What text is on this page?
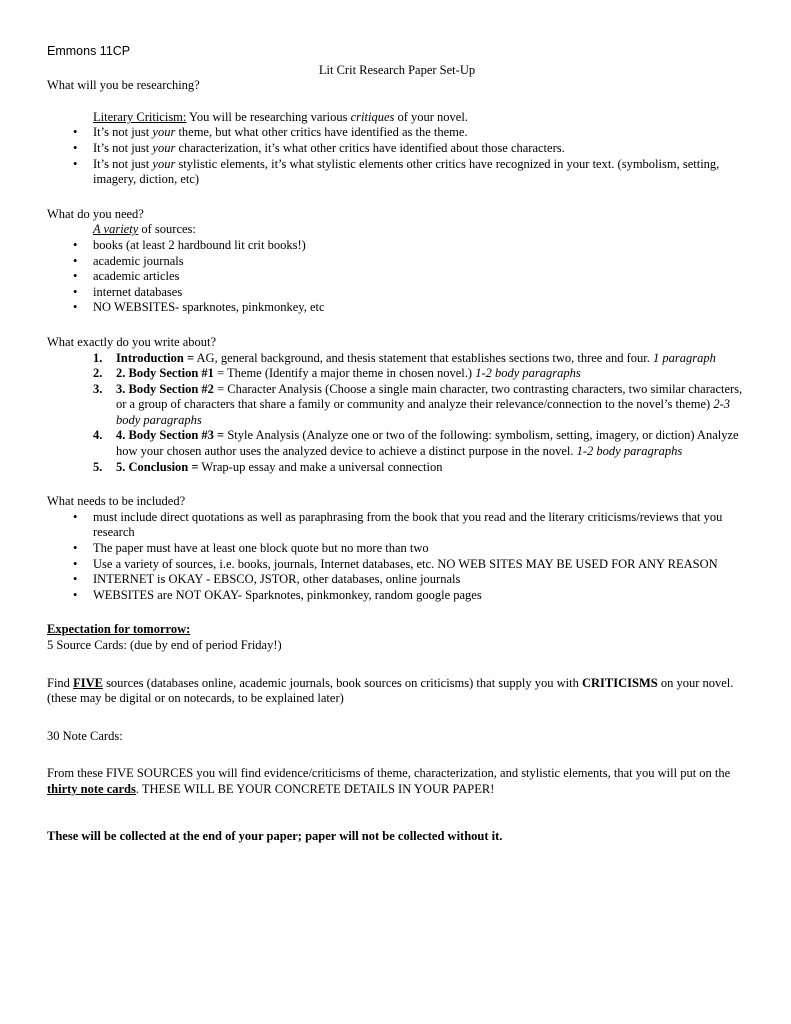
Emmons 11CP

Lit Crit Research Paper Set-Up

What will you be researching?

Literary Criticism: You will be researching various critiques of your novel.

• It’s not just your theme, but what other critics have identified as the theme.
• It’s not just your characterization, it’s what other critics have identified about those characters.
• It’s not just your stylistic elements, it’s what stylistic elements other critics have recognized in your text. (symbolism, setting, imagery, diction, etc)

What do you need?

A variety of sources:

• books (at least 2 hardbound lit crit books!)
• academic journals
• academic articles
• internet databases
• NO WEBSITES- sparknotes, pinkmonkey, etc

What exactly do you write about?

1. Introduction = AG, general background, and thesis statement that establishes sections two, three and four. 1 paragraph
2. 2. Body Section #1 = Theme (Identify a major theme in chosen novel.) 1-2 body paragraphs
3. 3. Body Section #2 = Character Analysis (Choose a single main character, two contrasting characters, two similar characters, or a group of characters that share a family or community and analyze their relevance/connection to the novel’s theme) 2-3 body paragraphs
4. 4. Body Section #3 = Style Analysis (Analyze one or two of the following: symbolism, setting, imagery, or diction) Analyze how your chosen author uses the analyzed device to achieve a distinct purpose in the novel. 1-2 body paragraphs
5. 5. Conclusion = Wrap-up essay and make a universal connection

What needs to be included?

• must include direct quotations as well as paraphrasing from the book that you read and the literary criticisms/reviews that you research
• The paper must have at least one block quote but no more than two
• Use a variety of sources, i.e. books, journals, Internet databases, etc. NO WEB SITES MAY BE USED FOR ANY REASON
• INTERNET is OKAY - EBSCO, JSTOR, other databases, online journals
• WEBSITES are NOT OKAY- Sparknotes, pinkmonkey, random google pages

Expectation for tomorrow:

5 Source Cards: (due by end of period Friday!)

Find FIVE sources (databases online, academic journals, book sources on criticisms) that supply you with CRITICISMS on your novel. (these may be digital or on notecards, to be explained later)

30 Note Cards:

From these FIVE SOURCES you will find evidence/criticisms of theme, characterization, and stylistic elements, that you will put on the thirty note cards. THESE WILL BE YOUR CONCRETE DETAILS IN YOUR PAPER!

These will be collected at the end of your paper; paper will not be collected without it.
